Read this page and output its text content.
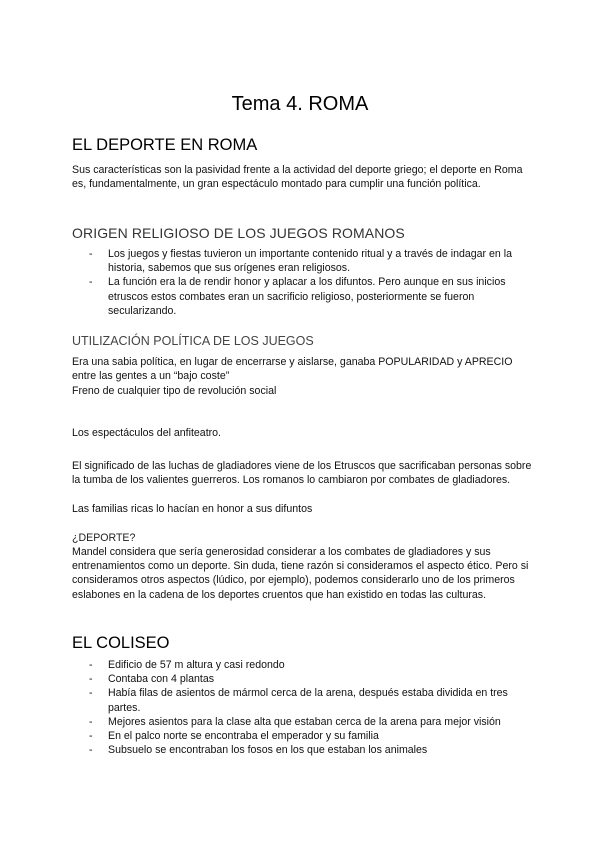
Tema 4. ROMA
EL DEPORTE EN ROMA

Sus características son la pasividad frente a la actividad del deporte griego; el deporte en Roma es, fundamentalmente, un gran espectáculo montado para cumplir una función política.

ORIGEN RELIGIOSO DE LOS JUEGOS ROMANOS
- Los juegos y fiestas tuvieron un importante contenido ritual y a través de indagar en la historia, sabemos que sus orígenes eran religiosos.
- La función era la de rendir honor y aplacar a los difuntos. Pero aunque en sus inicios etruscos estos combates eran un sacrificio religioso, posteriormente se fueron secularizando.
UTILIZACIÓN POLÍTICA DE LOS JUEGOS

Era una sabia política, en lugar de encerrarse y aislarse, ganaba POPULARIDAD y APRECIO entre las gentes a un “bajo coste”

Freno de cualquier tipo de revolución social

Los espectáculos del anfiteatro.

El significado de las luchas de gladiadores viene de los Etruscos que sacrificaban personas sobre la tumba de los valientes guerreros. Los romanos lo cambiaron por combates de gladiadores.

Las familias ricas lo hacían en honor a sus difuntos

¿DEPORTE?

Mandel considera que sería generosidad considerar a los combates de gladiadores y sus entrenamientos como un deporte. Sin duda, tiene razón si consideramos el aspecto ético. Pero si consideramos otros aspectos (lúdico, por ejemplo), podemos considerarlo uno de los primeros eslabones en la cadena de los deportes cruentos que han existido en todas las culturas.

EL COLISEO
- Edificio de 57 m altura y casi redondo
- Contaba con 4 plantas
- Había filas de asientos de mármol cerca de la arena, después estaba dividida en tres partes.
- Mejores asientos para la clase alta que estaban cerca de la arena para mejor visión
- En el palco norte se encontraba el emperador y su familia
- Subsuelo se encontraban los fosos en los que estaban los animales
